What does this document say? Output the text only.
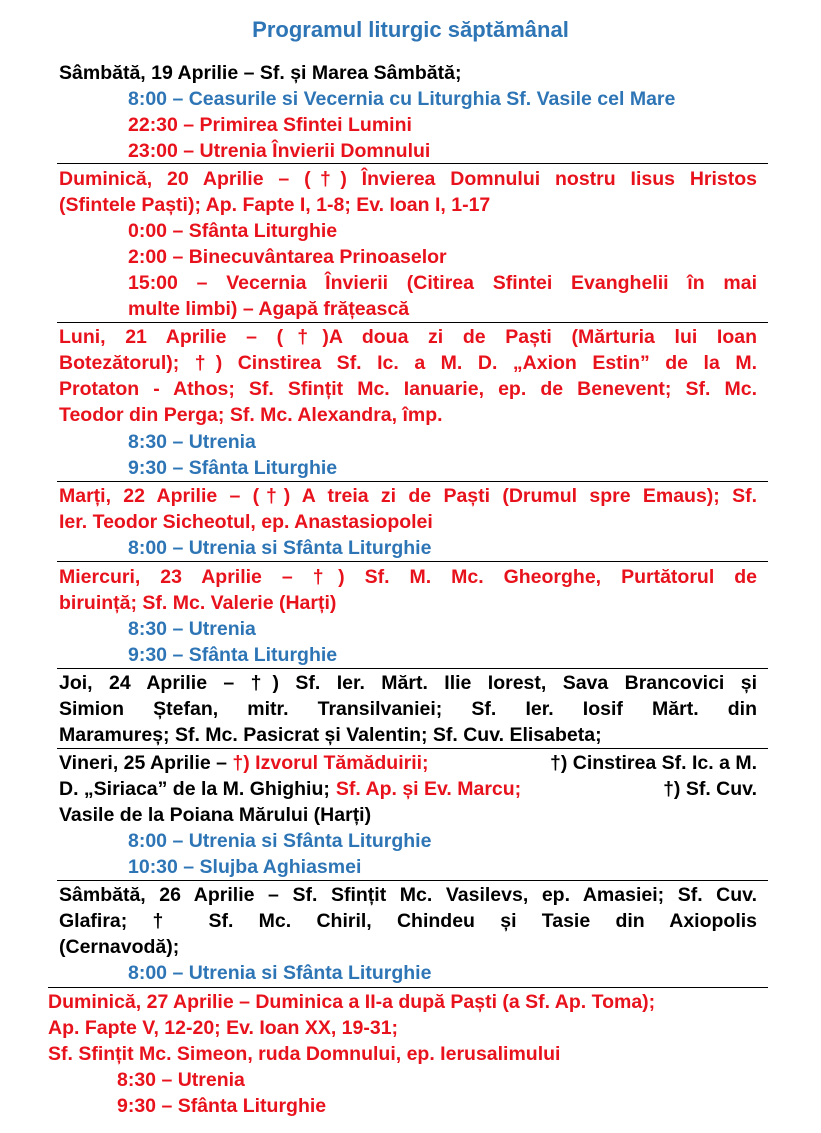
Programul liturgic săptămânal
Sâmbătă, 19 Aprilie – Sf. și Marea Sâmbătă;
8:00 – Ceasurile si Vecernia cu Liturghia Sf. Vasile cel Mare
22:30 – Primirea Sfintei Lumini
23:00 – Utrenia Învierii Domnului
Duminică, 20 Aprilie – (†) Învierea Domnului nostru Iisus Hristos
(Sfintele Paști); Ap. Fapte I, 1-8; Ev. Ioan I, 1-17
0:00 – Sfânta Liturghie
2:00 – Binecuvântarea Prinoaselor
15:00 – Vecernia Învierii (Citirea Sfintei Evanghelii în mai
multe limbi) – Agapă frățească
Luni, 21 Aprilie – (†)A doua zi de Paști (Mărturia lui Ioan
Botezătorul); †) Cinstirea Sf. Ic. a M. D. „Axion Estin” de la M.
Protaton - Athos; Sf. Sfințit Mc. Ianuarie, ep. de Benevent; Sf. Mc.
Teodor din Perga; Sf. Mc. Alexandra, împ.
8:30 – Utrenia
9:30 – Sfânta Liturghie
Marți, 22 Aprilie – (†) A treia zi de Paști (Drumul spre Emaus); Sf.
Ier. Teodor Sicheotul, ep. Anastasiopolei
8:00 – Utrenia si Sfânta Liturghie
Miercuri, 23 Aprilie – †) Sf. M. Mc. Gheorghe, Purtătorul de
biruință; Sf. Mc. Valerie (Harți)
8:30 – Utrenia
9:30 – Sfânta Liturghie
Joi, 24 Aprilie – †) Sf. Ier. Mărt. Ilie Iorest, Sava Brancovici și
Simion Ștefan, mitr. Transilvaniei; Sf. Ier. Iosif Mărt. din
Maramureș; Sf. Mc. Pasicrat și Valentin; Sf. Cuv. Elisabeta;
Vineri, 25 Aprilie – †) Izvorul Tămăduirii;	†) Cinstirea Sf. Ic. a M.
D. „Siriaca” de la M. Ghighiu; Sf. Ap. și Ev. Marcu;	†) Sf. Cuv.
Vasile de la Poiana Mărului (Harți)
8:00 – Utrenia si Sfânta Liturghie
10:30 – Slujba Aghiasmei
Sâmbătă, 26 Aprilie – Sf. Sfințit Mc. Vasilevs, ep. Amasiei; Sf. Cuv.
Glafira; † Sf. Mc. Chiril, Chindeu și Tasie din Axiopolis
(Cernavodă);
8:00 – Utrenia si Sfânta Liturghie
Duminică, 27 Aprilie – Duminica a II-a după Paști (a Sf. Ap. Toma);
Ap. Fapte V, 12-20; Ev. Ioan XX, 19-31;
Sf. Sfințit Mc. Simeon, ruda Domnului, ep. Ierusalimului
8:30 – Utrenia
9:30 – Sfânta Liturghie
